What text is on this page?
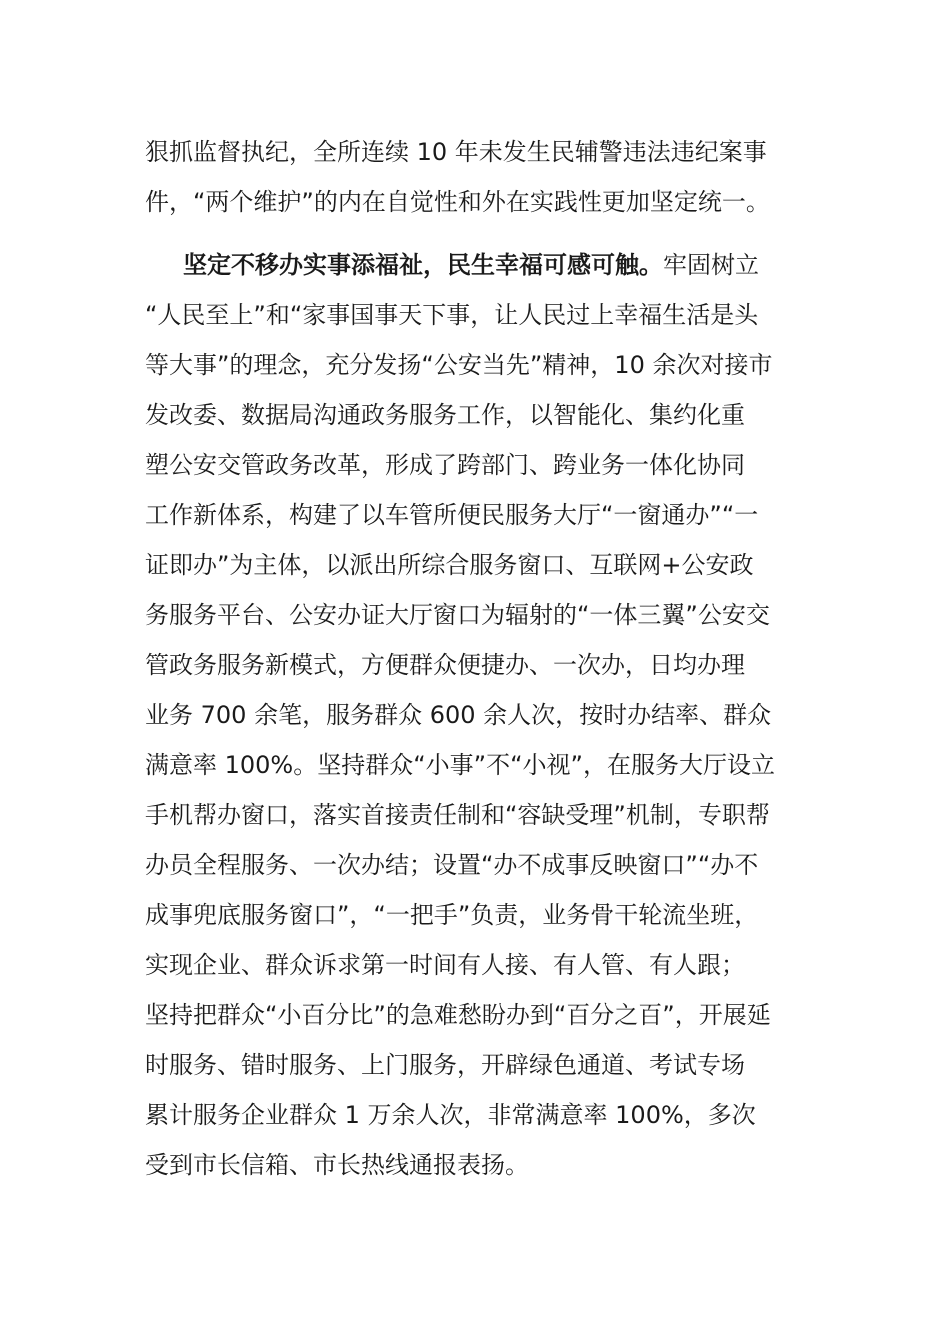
狠抓监督执纪，全所连续 10 年未发生民辅警违法违纪案事
件，“两个维护”的内在自觉性和外在实践性更加坚定统一。
坚定不移办实事添福祉，民生幸福可感可触。牢固树立
“人民至上”和“家事国事天下事，让人民过上幸福生活是头
等大事”的理念，充分发扬“公安当先”精神，10 余次对接市
发改委、数据局沟通政务服务工作，以智能化、集约化重
塑公安交管政务改革，形成了跨部门、跨业务一体化协同
工作新体系，构建了以车管所便民服务大厅“一窗通办”“一
证即办”为主体，以派出所综合服务窗口、互联网+公安政
务服务平台、公安办证大厅窗口为辐射的“一体三翼”公安交
管政务服务新模式，方便群众便捷办、一次办，日均办理
业务 700 余笔，服务群众 600 余人次，按时办结率、群众
满意率 100%。坚持群众“小事”不“小视”，在服务大厅设立
手机帮办窗口，落实首接责任制和“容缺受理”机制，专职帮
办员全程服务、一次办结；设置“办不成事反映窗口”“办不
成事兜底服务窗口”，“一把手”负责，业务骨干轮流坐班，
实现企业、群众诉求第一时间有人接、有人管、有人跟；
坚持把群众“小百分比”的急难愁盼办到“百分之百”，开展延
时服务、错时服务、上门服务，开辟绿色通道、考试专场
累计服务企业群众 1 万余人次，非常满意率 100%，多次
受到市长信箱、市长热线通报表扬。
